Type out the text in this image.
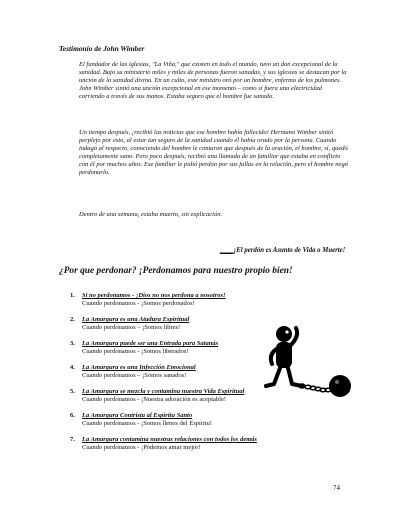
Testimonio de John Wimber
El fundador de las iglesias, "La Viña," que existen en todo el mundo, tuvo un don excepcional de la sanidad. Bajo su ministerio miles y miles de personas fueron sanadas, y sus iglesias se destacan por la unción de la sanidad divina. En un culto, este ministro oró por un hombre, enfermo de los pulmones. John Wimber sintió una unción excepcional en ese momento – como si fuera una electricidad corriendo a través de sus manos. Estaba seguro que el hombre fue sanado.
Un tiempo después, ¡recibió las noticias que ese hombre había fallecido! Hermano Wimber sintió perplejo por esto, al estar tan seguro de la sanidad cuando él había orado por la persona. Cuando indagó al respecto, conociendo del hombre le contaron que después de la oración, el hombre, sí, quedó completamente sano. Pero poco después, recibió una llamada de un familiar que estaba en conflicto con él por muchos años. Ese familiar le pidió perdón por sus fallas en la relación, pero el hombre negó perdonarlo.
Dentro de una semana, estaba muerto, sin explicación.
____¡El perdón es Asunto de Vida o Muerte!
¿Por que perdonar? ¡Perdonamos para nuestro propio bien!
1. Si no perdonamos - ¡Dios no nos perdona a nosotros!
Cuando perdonamos - ¡Somos perdonados!
2. La Amargura es una Atadura Espiritual
Cuando perdonamos – ¡Somos libres!
3. La Amargura puede ser una Entrada para Satanás
Cuando perdonamos - ¡Somos liberados!
4. La Amargura es una Infección Emocional
Cuando perdonamos – ¡Somos sanados!
5. La Amargura se mezcla y contamina nuestra Vida Espiritual
Cuando perdonamos - ¡Nuestra adoración es aceptable!
6. La Amargura Contrista al Espíritu Santo
Cuando perdonamos - ¡Somos llenos del Espíritu!
7. La Amargura contamina nuestras relaciones con todos los demás
Cuando perdonamos - ¡Podemos amar mejor!
74
